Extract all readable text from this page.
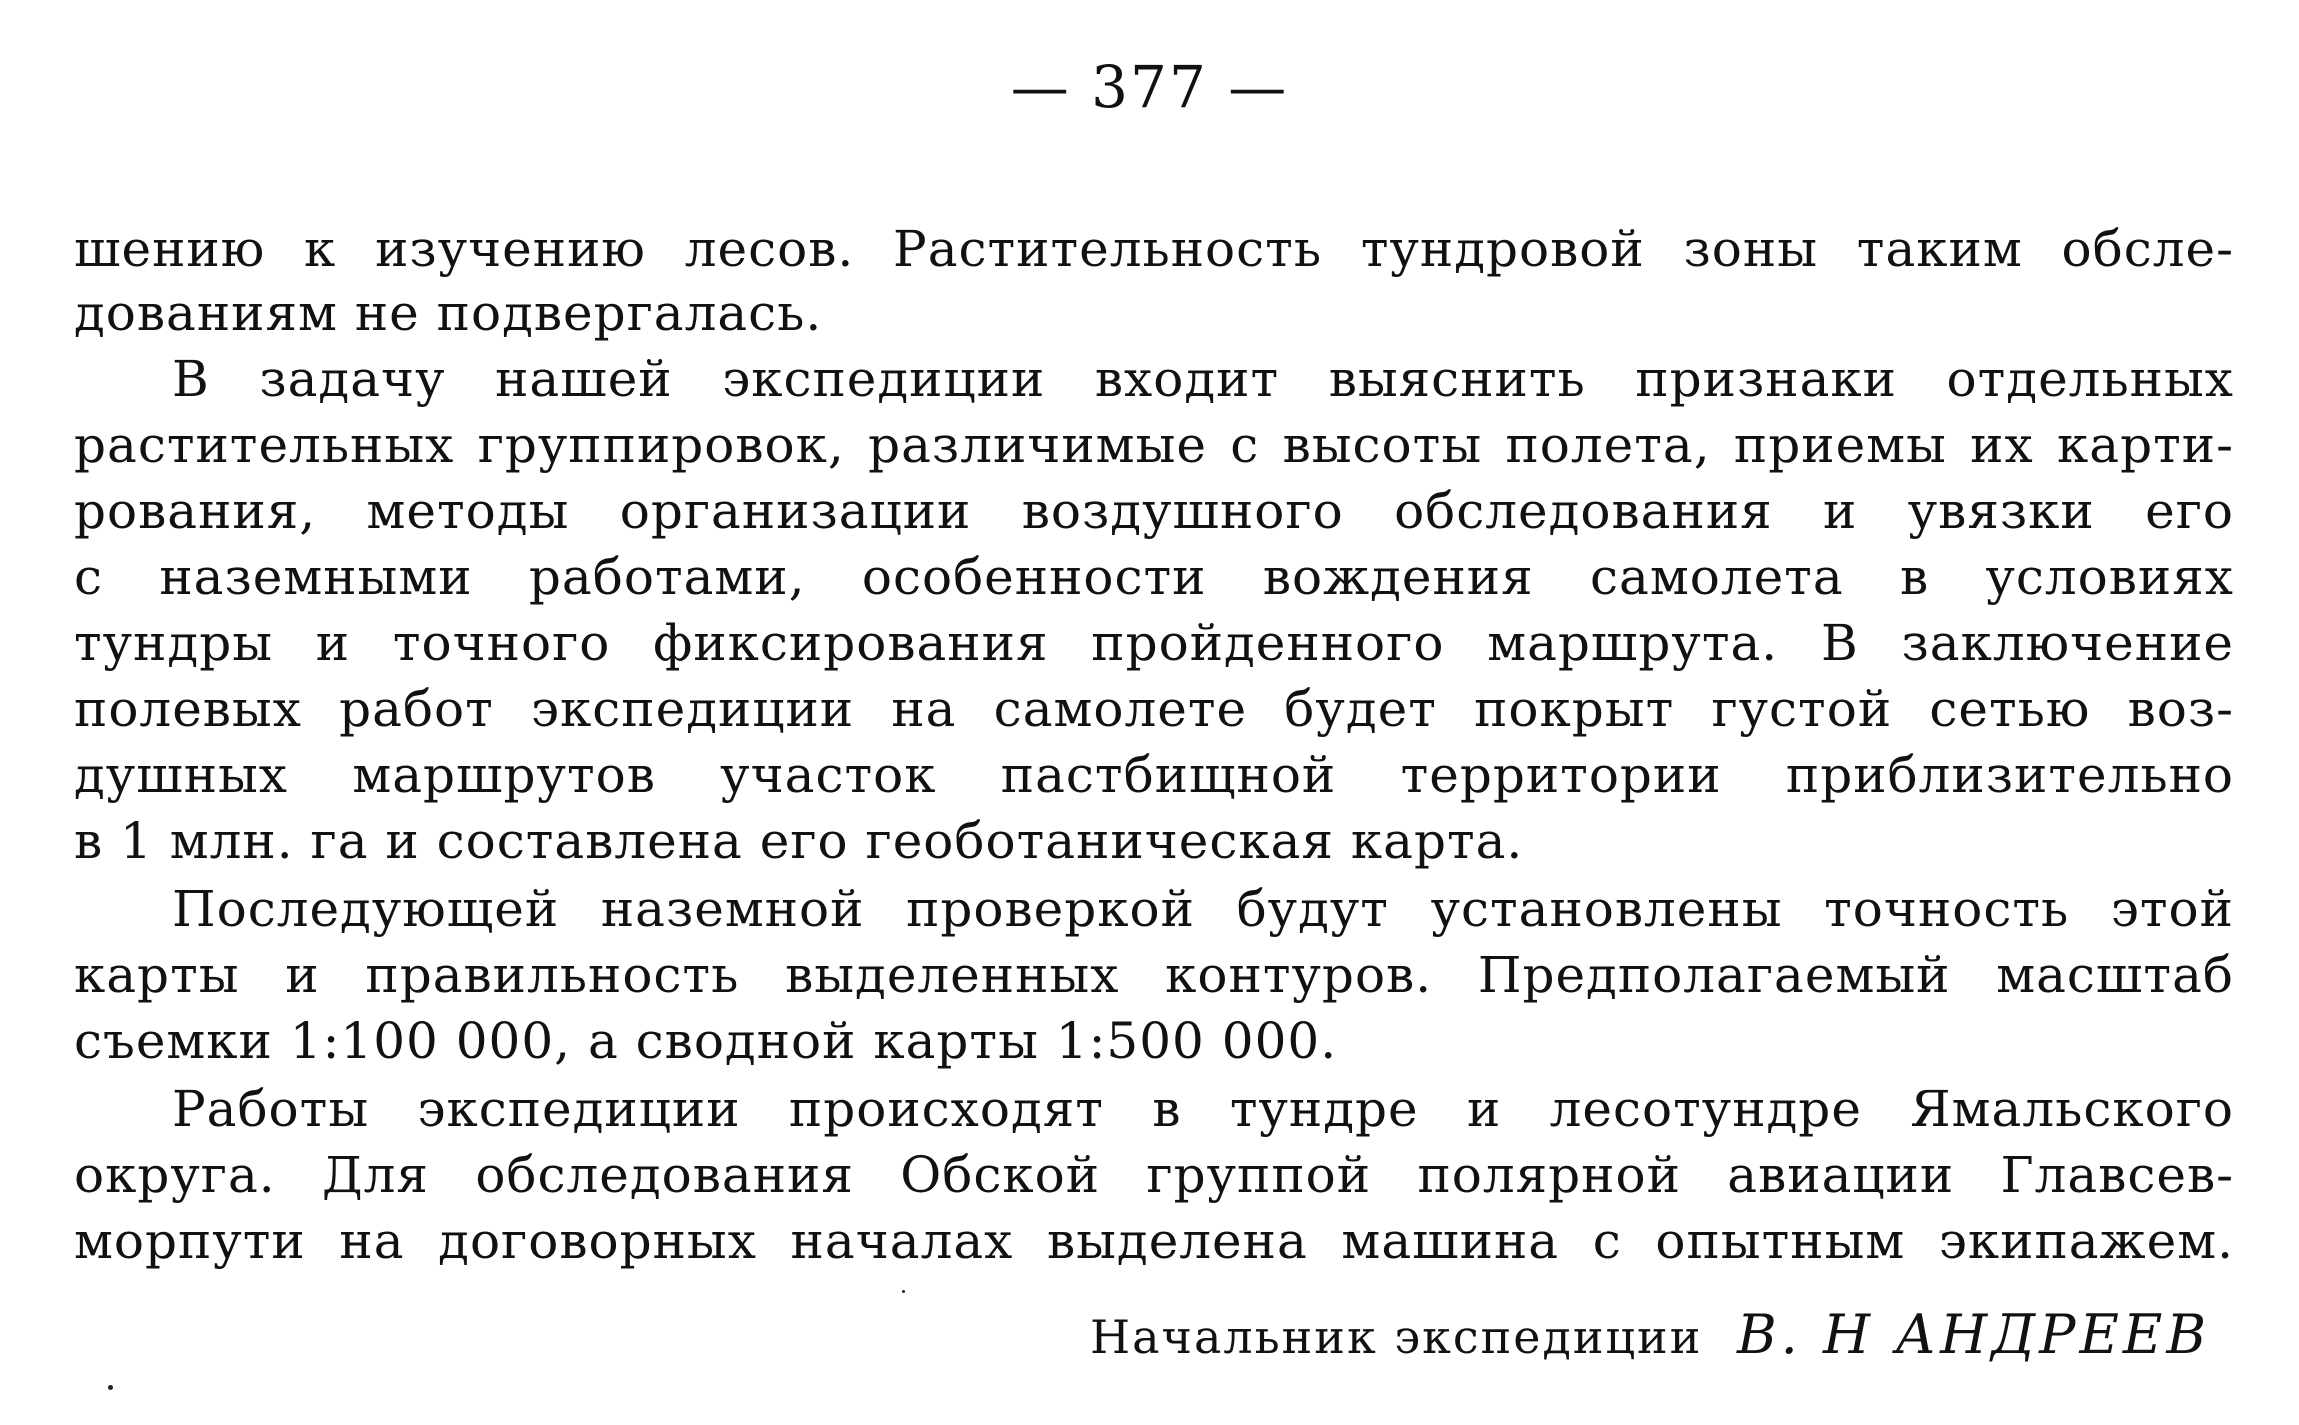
— 377 —
шению к изучению лесов. Растительность тундровой зоны таким обсле-
дованиям не подвергалась.
В задачу нашей экспедиции входит выяснить признаки отдельных
растительных группировок, различимые с высоты полета, приемы их карти-
рования, методы организации воздушного обследования и увязки его
с наземными работами, особенности вождения самолета в условиях
тундры и точного фиксирования пройденного маршрута. В заключение
полевых работ экспедиции на самолете будет покрыт густой сетью воз-
душных маршрутов участок пастбищной территории приблизительно
в 1 млн. га и составлена его геоботаническая карта.
Последующей наземной проверкой будут установлены точность этой
карты и правильность выделенных контуров. Предполагаемый масштаб
съемки 1:100 000, а сводной карты 1:500 000.
Работы экспедиции происходят в тундре и лесотундре Ямальского
округа. Для обследования Обской группой полярной авиации Главсев-
морпути на договорных началах выделена машина с опытным экипажем.
Начальник экспедиции В. Н АНДРЕЕВ
